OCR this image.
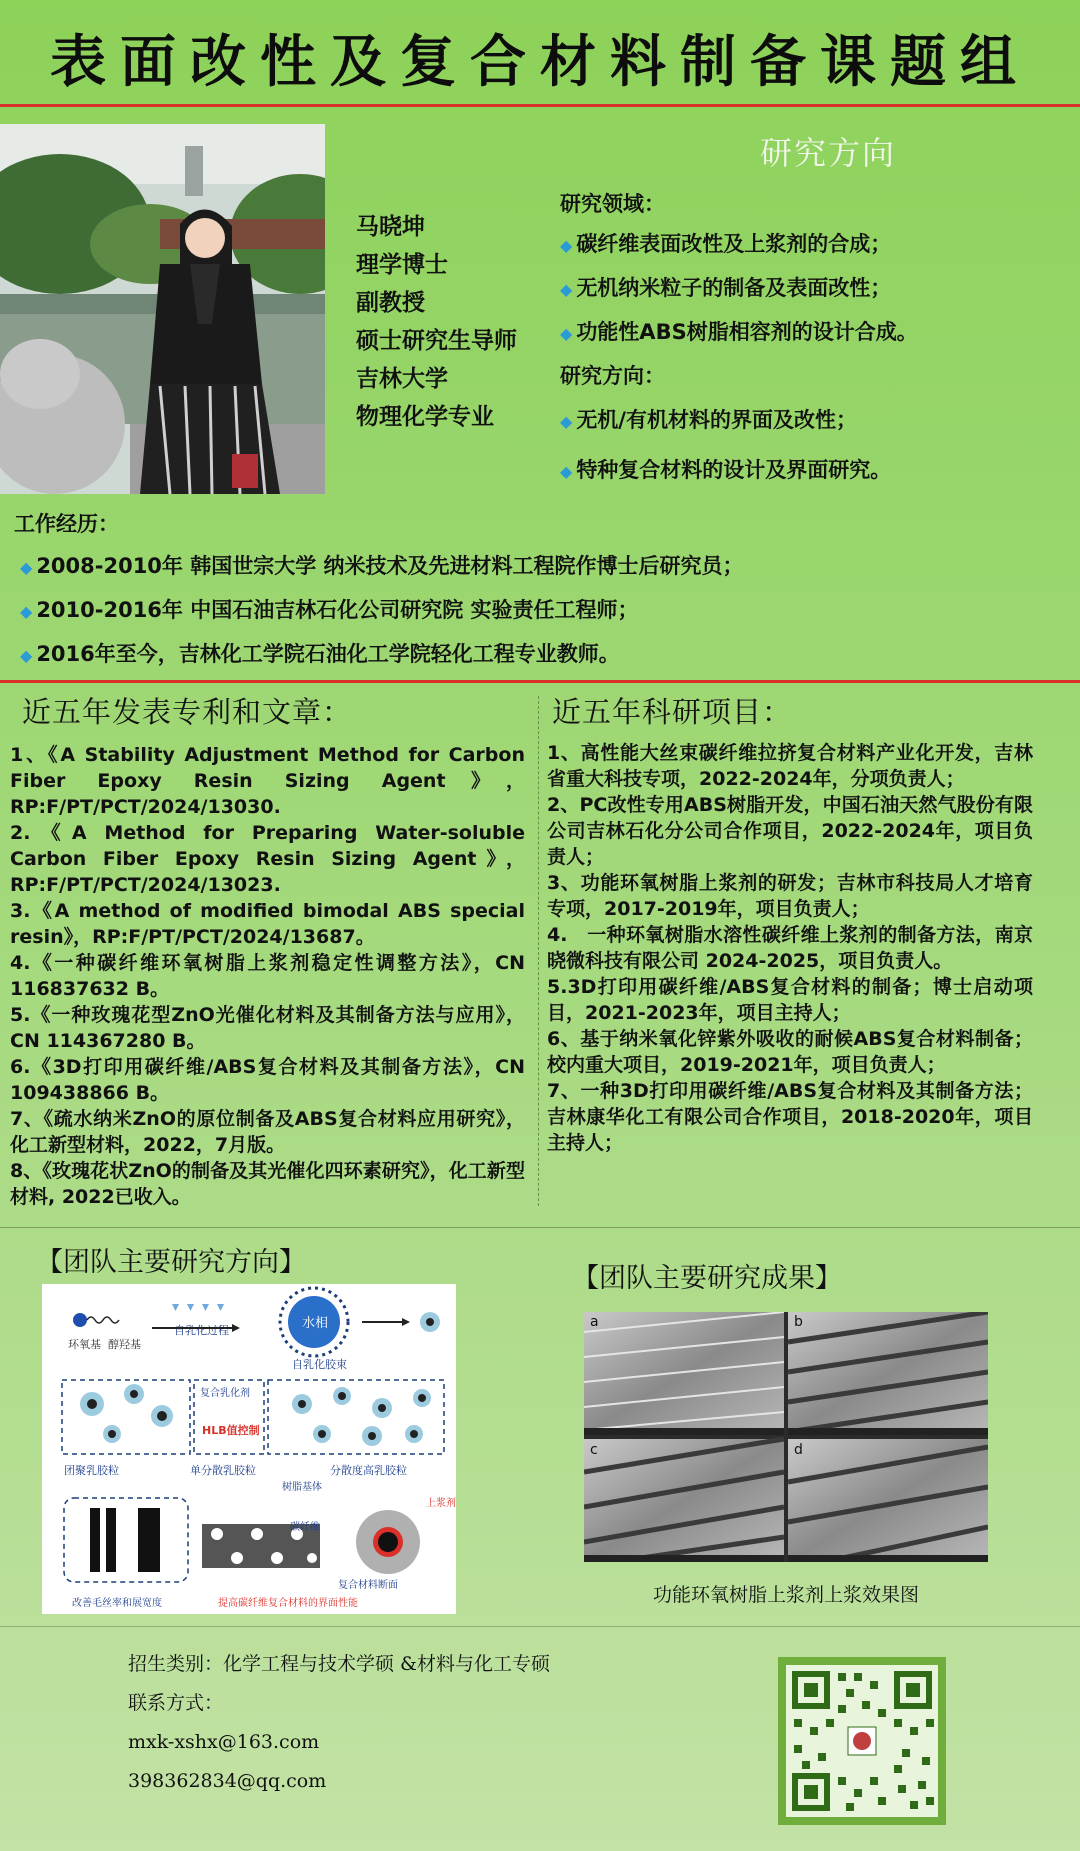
表面改性及复合材料制备课题组
研究方向
马晓坤
理学博士
副教授
硕士研究生导师
吉林大学
物理化学专业
研究领域：
◆ 碳纤维表面改性及上浆剂的合成；
◆ 无机纳米粒子的制备及表面改性；
◆ 功能性ABS树脂相容剂的设计合成。
研究方向：
◆ 无机/有机材料的界面及改性；
◆ 特种复合材料的设计及界面研究。
工作经历：
◆ 2008-2010年 韩国世宗大学 纳米技术及先进材料工程院作博士后研究员；
◆ 2010-2016年 中国石油吉林石化公司研究院 实验责任工程师；
◆ 2016年至今，吉林化工学院石油化工学院轻化工程专业教师。
近五年发表专利和文章：	近五年科研项目：
1、《A Stability Adjustment Method for Carbon Fiber Epoxy Resin Sizing Agent》，RP:F/PT/PCT/2024/13030.
2.《A Method for Preparing Water-soluble Carbon Fiber Epoxy Resin Sizing Agent》，RP:F/PT/PCT/2024/13023.
3.《A method of modified bimodal ABS special resin》，RP:F/PT/PCT/2024/13687。
4.《一种碳纤维环氧树脂上浆剂稳定性调整方法》，CN 116837632 B。
5.《一种玫瑰花型ZnO光催化材料及其制备方法与应用》，CN 114367280 B。
6.《3D打印用碳纤维/ABS复合材料及其制备方法》，CN 109438866 B。
7、《疏水纳米ZnO的原位制备及ABS复合材料应用研究》，化工新型材料，2022，7月版。
8、《玫瑰花状ZnO的制备及其光催化四环素研究》，化工新型材料, 2022已收入。
1、高性能大丝束碳纤维拉挤复合材料产业化开发，吉林省重大科技专项，2022-2024年，分项负责人；
2、PC改性专用ABS树脂开发，中国石油天然气股份有限公司吉林石化分公司合作项目，2022-2024年，项目负责人；
3、功能环氧树脂上浆剂的研发；吉林市科技局人才培育专项，2017-2019年，项目负责人；
4.　一种环氧树脂水溶性碳纤维上浆剂的制备方法，南京晓微科技有限公司 2024-2025，项目负责人。
5.3D打印用碳纤维/ABS复合材料的制备；博士启动项目，2021-2023年，项目主持人；
6、基于纳米氧化锌紫外吸收的耐候ABS复合材料制备；校内重大项目，2019-2021年，项目负责人；
7、一种3D打印用碳纤维/ABS复合材料及其制备方法；吉林康华化工有限公司合作项目，2018-2020年，项目主持人；
【团队主要研究方向】
【团队主要研究成果】
环氧基 醇羟基
自乳化过程	水相
自乳化胶束
复合乳化剂
HLB值控制
团聚乳胶粒	单分散乳胶粒	分散度高乳胶粒
树脂基体
碳纤维
上浆剂
复合材料断面
改善毛丝率和展宽度	提高碳纤维复合材料的界面性能
a	b
c	d
功能环氧树脂上浆剂上浆效果图
招生类别：化学工程与技术学硕 &材料与化工专硕
联系方式：
mxk-xshx@163.com
398362834@qq.com
